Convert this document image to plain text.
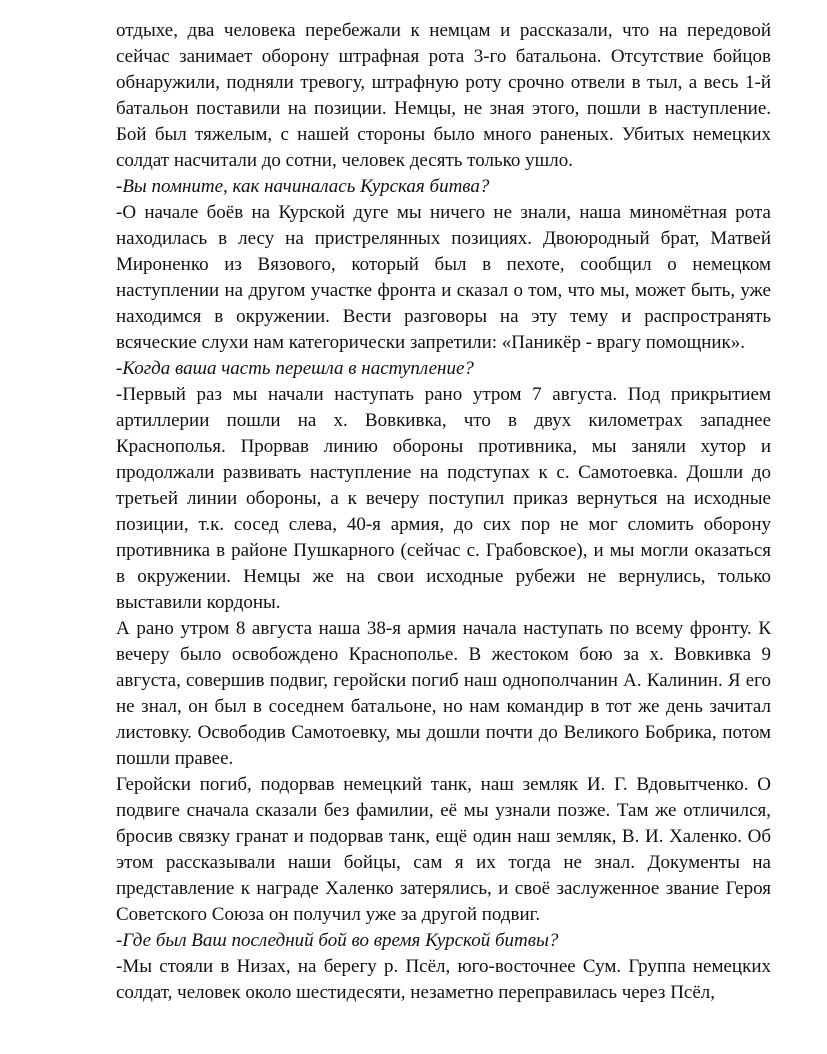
отдыхе, два человека перебежали к немцам и рассказали, что на передовой сейчас занимает оборону штрафная рота 3-го батальона. Отсутствие бойцов обнаружили, подняли тревогу, штрафную роту срочно отвели в тыл, а весь 1-й батальон поставили на позиции. Немцы, не зная этого, пошли в наступление. Бой был тяжелым, с нашей стороны было много раненых. Убитых немецких солдат насчитали до сотни, человек десять только ушло.

-Вы помните, как начиналась Курская битва?

-О начале боёв на Курской дуге мы ничего не знали, наша миномётная рота находилась в лесу на пристрелянных позициях. Двоюродный брат, Матвей Мироненко из Вязового, который был в пехоте, сообщил о немецком наступлении на другом участке фронта и сказал о том, что мы, может быть, уже находимся в окружении. Вести разговоры на эту тему и распространять всяческие слухи нам категорически запретили: «Паникёр - врагу помощник».

-Когда ваша часть перешла в наступление?

-Первый раз мы начали наступать рано утром 7 августа. Под прикрытием артиллерии пошли на х. Вовкивка, что в двух километрах западнее Краснополья. Прорвав линию обороны противника, мы заняли хутор и продолжали развивать наступление на подступах к с. Самотоевка. Дошли до третьей линии обороны, а к вечеру поступил приказ вернуться на исходные позиции, т.к. сосед слева, 40-я армия, до сих пор не мог сломить оборону противника в районе Пушкарного (сейчас с. Грабовское), и мы могли оказаться в окружении. Немцы же на свои исходные рубежи не вернулись, только выставили кордоны.

А рано утром 8 августа наша 38-я армия начала наступать по всему фронту. К вечеру было освобождено Краснополье. В жестоком бою за х. Вовкивка 9 августа, совершив подвиг, геройски погиб наш однополчанин А. Калинин. Я его не знал, он был в соседнем батальоне, но нам командир в тот же день зачитал листовку. Освободив Самотоевку, мы дошли почти до Великого Бобрика, потом пошли правее.

Геройски погиб, подорвав немецкий танк, наш земляк И. Г. Вдовытченко. О подвиге сначала сказали без фамилии, её мы узнали позже. Там же отличился, бросив связку гранат и подорвав танк, ещё один наш земляк, В. И. Халенко. Об этом рассказывали наши бойцы, сам я их тогда не знал. Документы на представление к награде Халенко затерялись, и своё заслуженное звание Героя Советского Союза он получил уже за другой подвиг.

-Где был Ваш последний бой во время Курской битвы?

-Мы стояли в Низах, на берегу р. Псёл, юго-восточнее Сум. Группа немецких солдат, человек около шестидесяти, незаметно переправилась через Псёл,
